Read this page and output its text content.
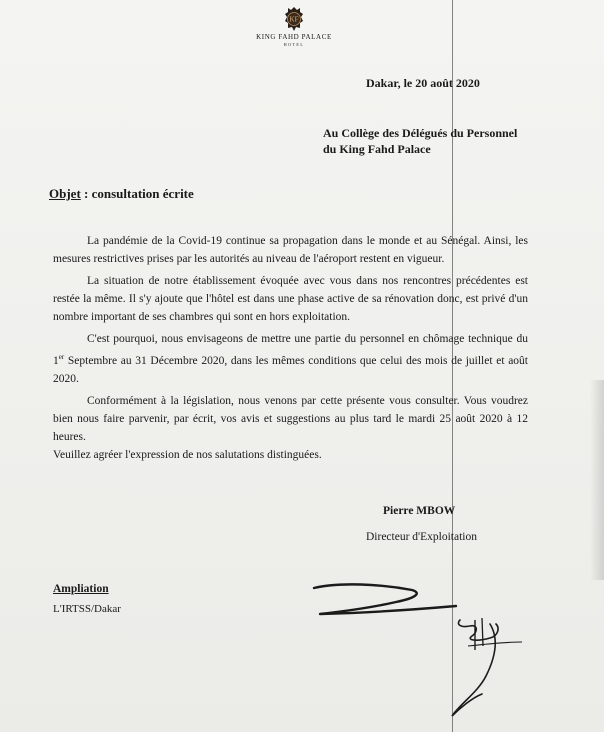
KF
KING FAHD PALACE
HOTEL
Dakar, le 20 août 2020
Au Collège des Délégués du Personnel
du King Fahd Palace
Objet : consultation écrite

La pandémie de la Covid-19 continue sa propagation dans le monde et au Sénégal. Ainsi, les mesures restrictives prises par les autorités au niveau de l'aéroport restent en vigueur.

La situation de notre établissement évoquée avec vous dans nos rencontres précédentes est restée la même. Il s'y ajoute que l'hôtel est dans une phase active de sa rénovation donc, est privé d'un nombre important de ses chambres qui sont en hors exploitation.

C'est pourquoi, nous envisageons de mettre une partie du personnel en chômage technique du 1er Septembre au 31 Décembre 2020, dans les mêmes conditions que celui des mois de juillet et août 2020.

Conformément à la législation, nous venons par cette présente vous consulter. Vous voudrez bien nous faire parvenir, par écrit, vos avis et suggestions au plus tard le mardi 25 août 2020 à 12 heures.

Veuillez agréer l'expression de nos salutations distinguées.

Pierre MBOW
Directeur d'Exploitation
Ampliation
L'IRTSS/Dakar
